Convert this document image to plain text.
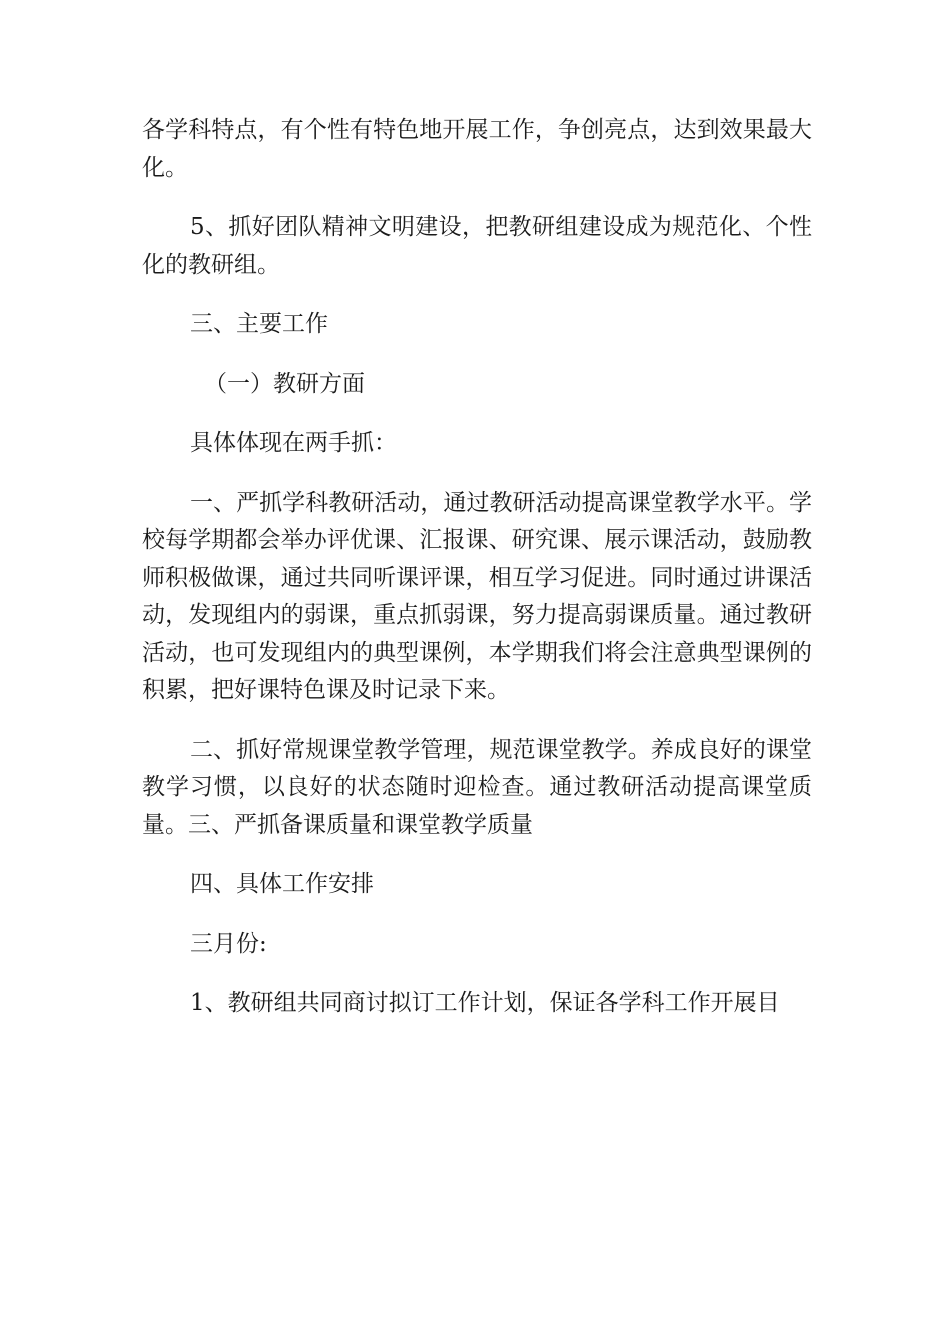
各学科特点，有个性有特色地开展工作，争创亮点，达到效果最大化。

5、抓好团队精神文明建设，把教研组建设成为规范化、个性化的教研组。

三、主要工作

（一）教研方面

具体体现在两手抓：

一、严抓学科教研活动，通过教研活动提高课堂教学水平。学校每学期都会举办评优课、汇报课、研究课、展示课活动，鼓励教师积极做课，通过共同听课评课，相互学习促进。同时通过讲课活动，发现组内的弱课，重点抓弱课，努力提高弱课质量。通过教研活动，也可发现组内的典型课例，本学期我们将会注意典型课例的积累，把好课特色课及时记录下来。

二、抓好常规课堂教学管理，规范课堂教学。养成良好的课堂教学习惯，以良好的状态随时迎检查。通过教研活动提高课堂质量。三、严抓备课质量和课堂教学质量

四、具体工作安排

三月份:

1、教研组共同商讨拟订工作计划，保证各学科工作开展目
